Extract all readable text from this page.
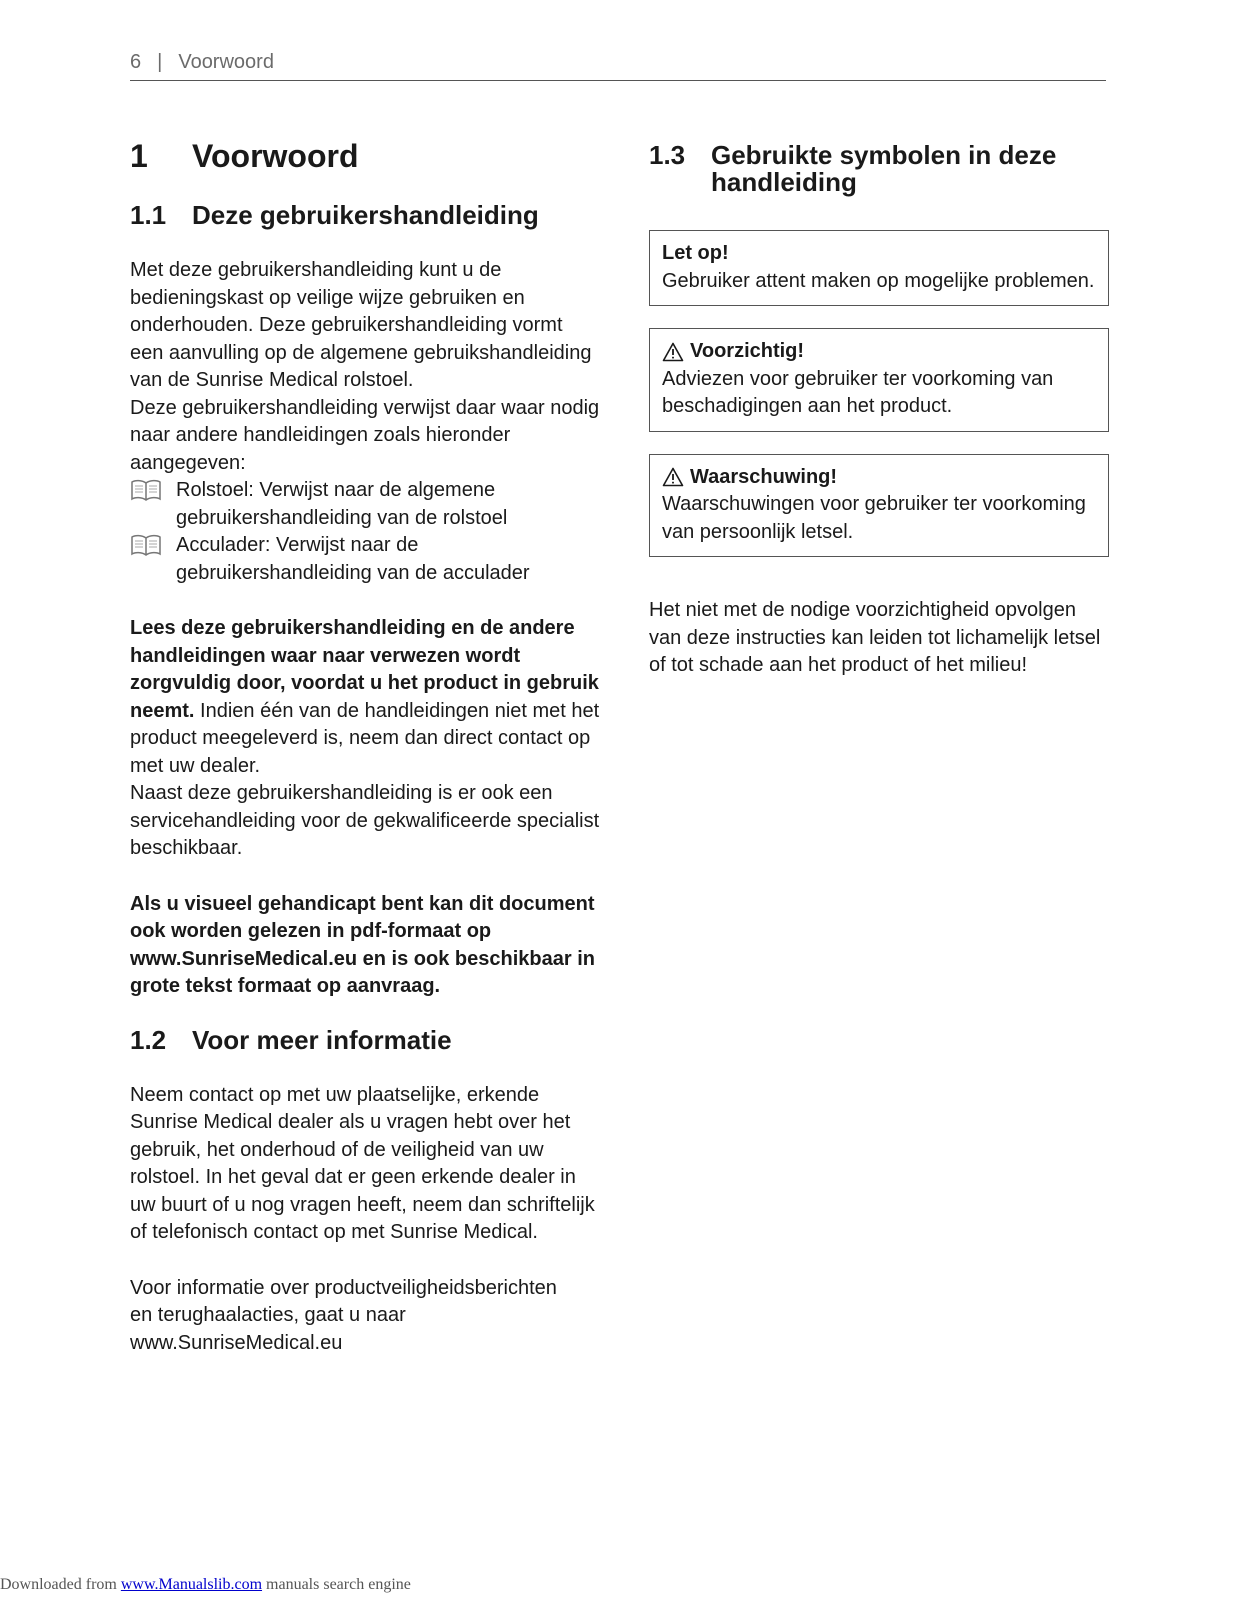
6 | Voorwoord
1	Voorwoord
1.1 Deze gebruikershandleiding

Met deze gebruikershandleiding kunt u de bedieningskast op veilige wijze gebruiken en onderhouden. Deze gebruikershandleiding vormt een aanvulling op de algemene gebruikshandleiding van de Sunrise Medical rolstoel.

Deze gebruikershandleiding verwijst daar waar nodig naar andere handleidingen zoals hieronder aangegeven:

Rolstoel: Verwijst naar de algemene gebruikershandleiding van de rolstoel
Acculader: Verwijst naar de gebruikershandleiding van de acculader

Lees deze gebruikershandleiding en de andere handleidingen waar naar verwezen wordt zorgvuldig door, voordat u het product in gebruik neemt. Indien één van de handleidingen niet met het product meegeleverd is, neem dan direct contact op met uw dealer.

Naast deze gebruikershandleiding is er ook een servicehandleiding voor de gekwalificeerde specialist beschikbaar.

Als u visueel gehandicapt bent kan dit document ook worden gelezen in pdf-formaat op www.SunriseMedical.eu en is ook beschikbaar in grote tekst formaat op aanvraag.

1.2 Voor meer informatie

Neem contact op met uw plaatselijke, erkende Sunrise Medical dealer als u vragen hebt over het gebruik, het onderhoud of de veiligheid van uw rolstoel. In het geval dat er geen erkende dealer in uw buurt of u nog vragen heeft, neem dan schriftelijk of telefonisch contact op met Sunrise Medical.

Voor informatie over productveiligheidsberichten
en terughaalacties, gaat u naar
www.SunriseMedical.eu

1.3 Gebruikte symbolen in deze handleiding
Let op!
Gebruiker attent maken op mogelijke problemen.
Voorzichtig!
Adviezen voor gebruiker ter voorkoming van beschadigingen aan het product.
Waarschuwing!
Waarschuwingen voor gebruiker ter voorkoming van persoonlijk letsel.

Het niet met de nodige voorzichtigheid opvolgen van deze instructies kan leiden tot lichamelijk letsel of tot schade aan het product of het milieu!

Downloaded from www.Manualslib.com manuals search engine
